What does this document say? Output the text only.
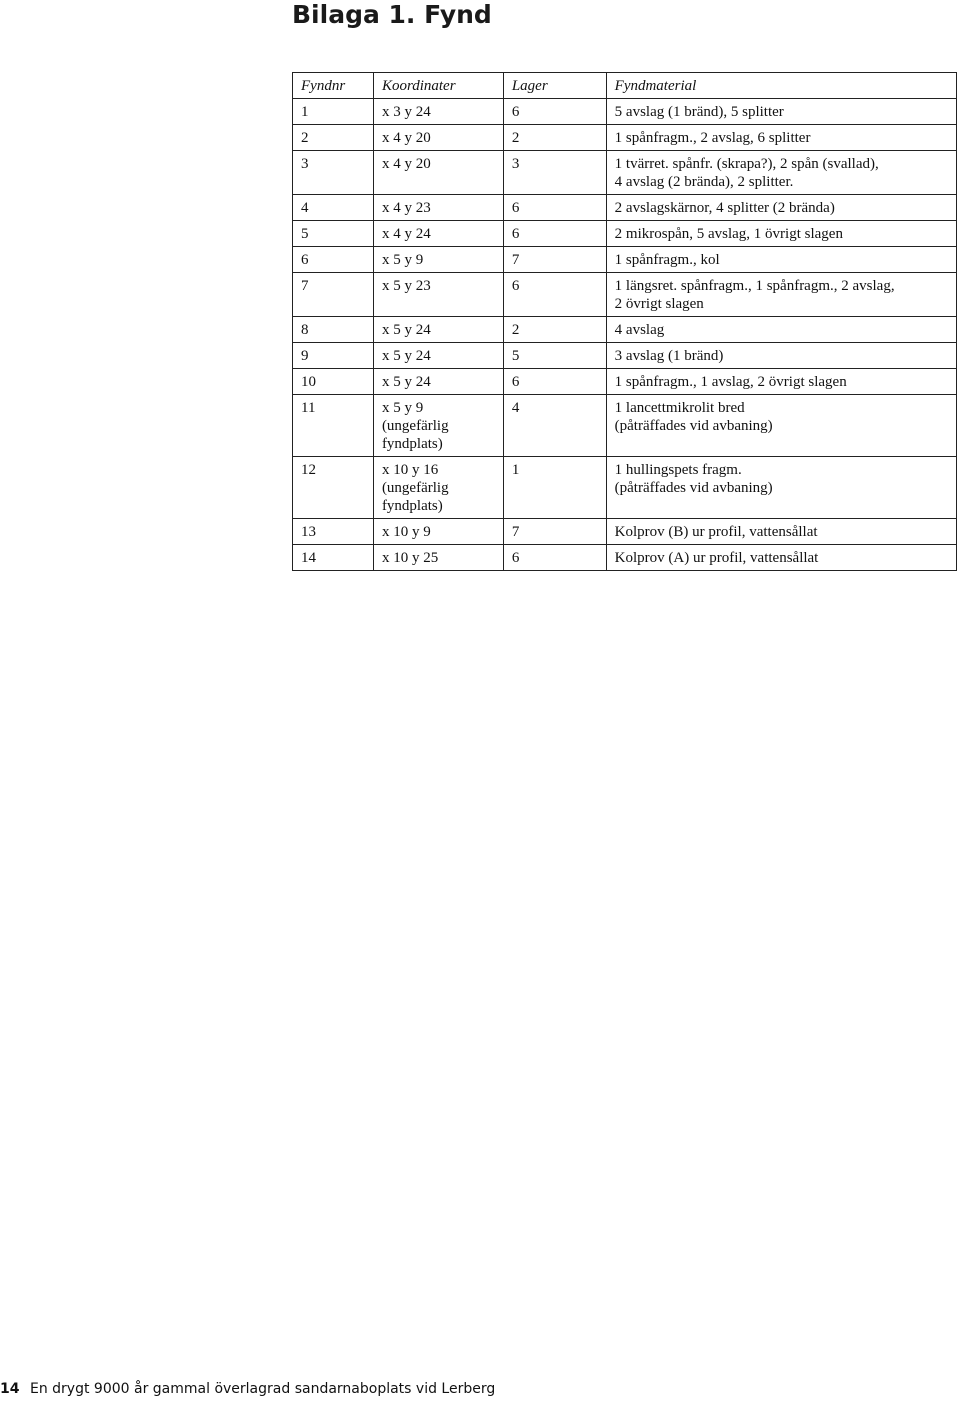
Bilaga 1. Fynd
Fyndnr	Koordinater	Lager	Fyndmaterial
1	x 3 y 24	6	5 avslag (1 bränd), 5 splitter
2	x 4 y 20	2	1 spånfragm., 2 avslag, 6 splitter
3	x 4 y 20	3	1 tvärret. spånfr. (skrapa?), 2 spån (svallad),
4 avslag (2 brända), 2 splitter.
4	x 4 y 23	6	2 avslagskärnor, 4 splitter (2 brända)
5	x 4 y 24	6	2 mikrospån, 5 avslag, 1 övrigt slagen
6	x 5 y 9	7	1 spånfragm., kol
7	x 5 y 23	6	1 längsret. spånfragm., 1 spånfragm., 2 avslag,
2 övrigt slagen
8	x 5 y 24	2	4 avslag
9	x 5 y 24	5	3 avslag (1 bränd)
10	x 5 y 24	6	1 spånfragm., 1 avslag, 2 övrigt slagen
11	x 5 y 9
(ungefärlig
fyndplats)	4	1 lancettmikrolit bred
(påträffades vid avbaning)
12	x 10 y 16
(ungefärlig
fyndplats)	1	1 hullingspets fragm.
(påträffades vid avbaning)
13	x 10 y 9	7	Kolprov (B) ur profil, vattensållat
14	x 10 y 25	6	Kolprov (A) ur profil, vattensållat
14 En drygt 9000 år gammal överlagrad sandarnaboplats vid Lerberg
